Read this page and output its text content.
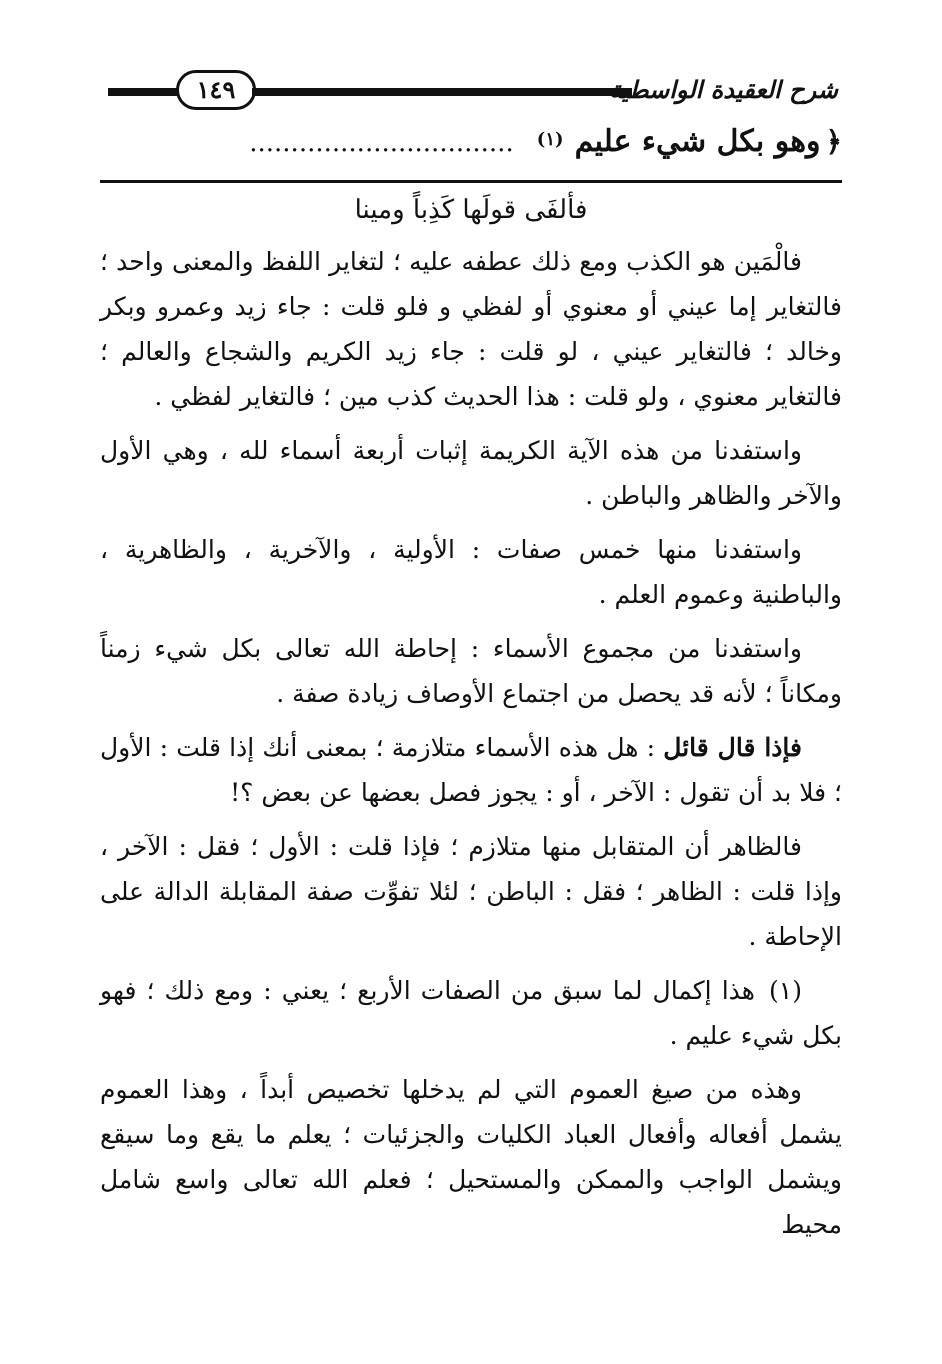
١٤٩	شرح العقيدة الواسطية
﴿ وهو بكل شيء عليم (١) ................................

فألفَى قولَها كَذِباً ومينا

فالْمَين هو الكذب ومع ذلك عطفه عليه ؛ لتغاير اللفظ والمعنى واحد ؛ فالتغاير إما عيني أو معنوي أو لفظي و فلو قلت : جاء زيد وعمرو وبكر وخالد ؛ فالتغاير عيني ، لو قلت : جاء زيد الكريم والشجاع والعالم ؛ فالتغاير معنوي ، ولو قلت : هذا الحديث كذب مين ؛ فالتغاير لفظي .

واستفدنا من هذه الآية الكريمة إثبات أربعة أسماء لله ، وهي الأول والآخر والظاهر والباطن .

واستفدنا منها خمس صفات : الأولية ، والآخرية ، والظاهرية ، والباطنية وعموم العلم .

واستفدنا من مجموع الأسماء : إحاطة الله تعالى بكل شيء زمناً ومكاناً ؛ لأنه قد يحصل من اجتماع الأوصاف زيادة صفة .

فإذا قال قائل : هل هذه الأسماء متلازمة ؛ بمعنى أنك إذا قلت : الأول ؛ فلا بد أن تقول : الآخر ، أو : يجوز فصل بعضها عن بعض ؟!

فالظاهر أن المتقابل منها متلازم ؛ فإذا قلت : الأول ؛ فقل : الآخر ، وإذا قلت : الظاهر ؛ فقل : الباطن ؛ لئلا تفوِّت صفة المقابلة الدالة على الإحاطة .

(١) هذا إكمال لما سبق من الصفات الأربع ؛ يعني : ومع ذلك ؛ فهو بكل شيء عليم .

وهذه من صيغ العموم التي لم يدخلها تخصيص أبداً ، وهذا العموم يشمل أفعاله وأفعال العباد الكليات والجزئيات ؛ يعلم ما يقع وما سيقع ويشمل الواجب والممكن والمستحيل ؛ فعلم الله تعالى واسع شامل محيط
